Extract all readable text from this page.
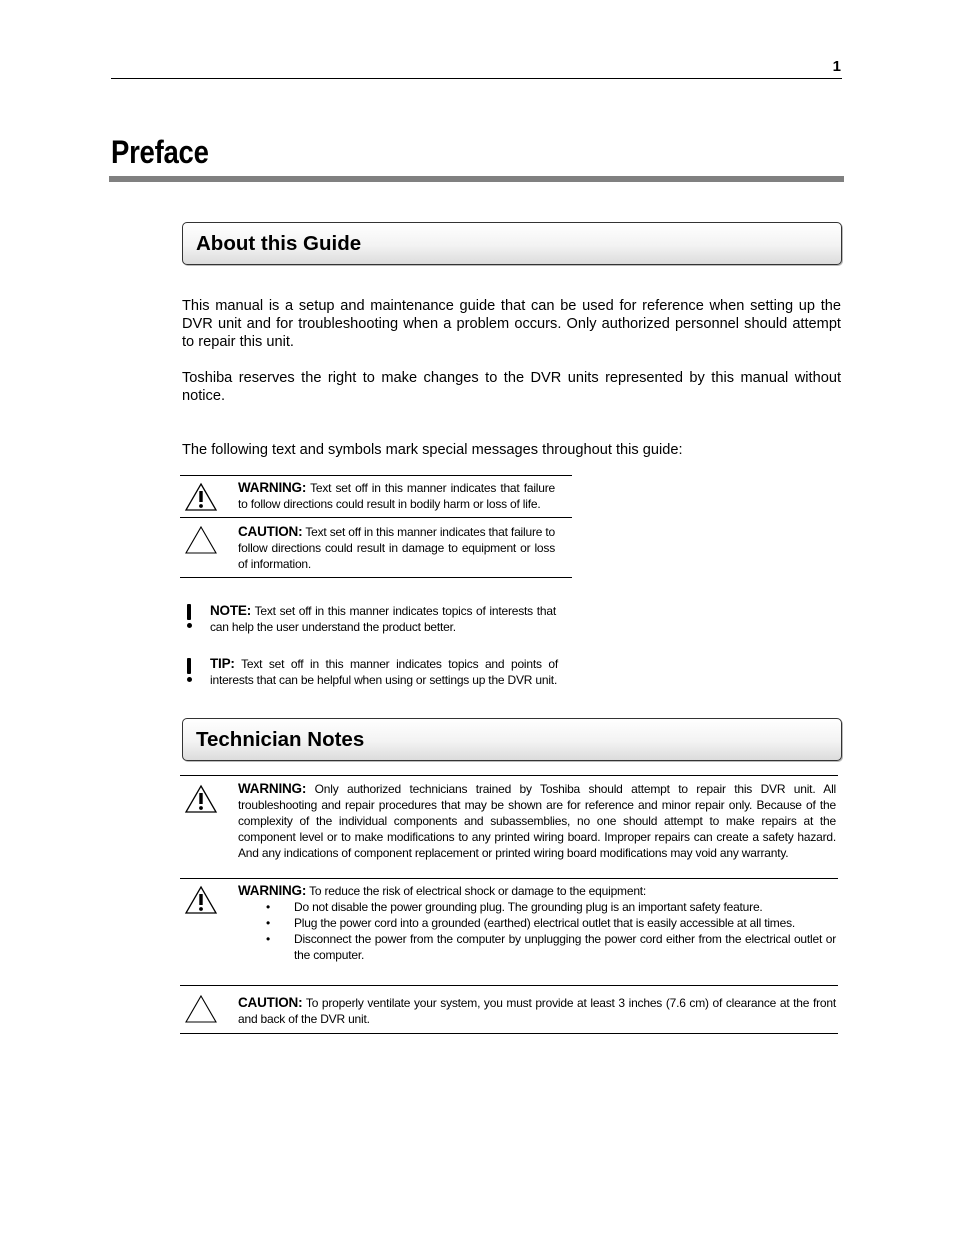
1
Preface
About this Guide

This manual is a setup and maintenance guide that can be used for reference when setting up the DVR unit and for troubleshooting when a problem occurs. Only authorized personnel should attempt to repair this unit.

Toshiba reserves the right to make changes to the DVR units represented by this manual without notice.

The following text and symbols mark special messages throughout this guide:

WARNING: Text set off in this manner indicates that failure to follow directions could result in bodily harm or loss of life.
CAUTION: Text set off in this manner indicates that failure to follow directions could result in damage to equipment or loss of information.
NOTE: Text set off in this manner indicates topics of interests that can help the user understand the product better.
TIP: Text set off in this manner indicates topics and points of interests that can be helpful when using or settings up the DVR unit.
Technician Notes
WARNING: Only authorized technicians trained by Toshiba should attempt to repair this DVR unit. All troubleshooting and repair procedures that may be shown are for reference and minor repair only. Because of the complexity of the individual components and subassemblies, no one should attempt to make repairs at the component level or to make modifications to any printed wiring board. Improper repairs can create a safety hazard. And any indications of component replacement or printed wiring board modifications may void any warranty.
WARNING: To reduce the risk of electrical shock or damage to the equipment:
• Do not disable the power grounding plug. The grounding plug is an important safety feature.
• Plug the power cord into a grounded (earthed) electrical outlet that is easily accessible at all times.
• Disconnect the power from the computer by unplugging the power cord either from the electrical outlet or the computer.
CAUTION: To properly ventilate your system, you must provide at least 3 inches (7.6 cm) of clearance at the front and back of the DVR unit.
